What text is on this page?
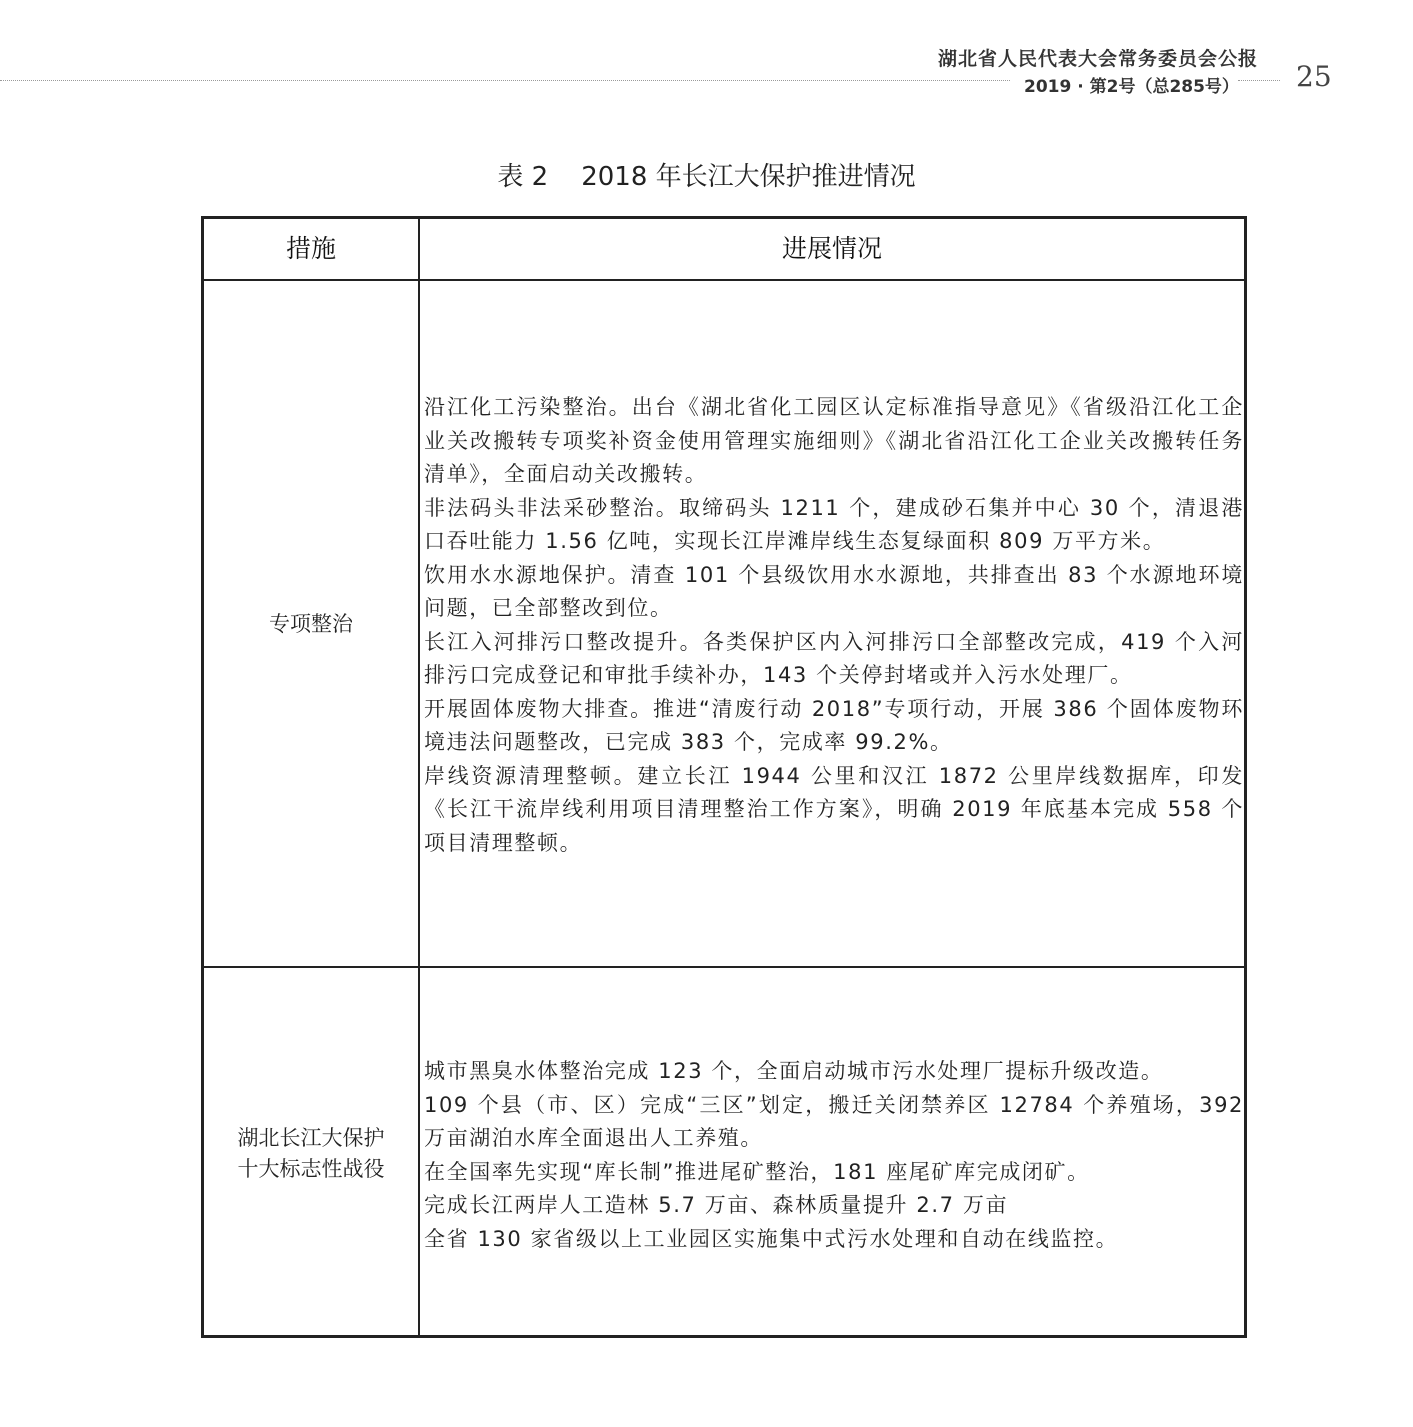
湖北省人民代表大会常务委员会公报
2019 · 第2号（总285号） 25
表 2    2018 年长江大保护推进情况
措施	进展情况
专项整治
沿江化工污染整治。出台《湖北省化工园区认定标准指导意见》《省级沿江化工企业关改搬转专项奖补资金使用管理实施细则》《湖北省沿江化工企业关改搬转任务清单》，全面启动关改搬转。
非法码头非法采砂整治。取缔码头 1211 个，建成砂石集并中心 30 个，清退港口吞吐能力 1.56 亿吨，实现长江岸滩岸线生态复绿面积 809 万平方米。
饮用水水源地保护。清查 101 个县级饮用水水源地，共排查出 83 个水源地环境问题，已全部整改到位。
长江入河排污口整改提升。各类保护区内入河排污口全部整改完成，419 个入河排污口完成登记和审批手续补办，143 个关停封堵或并入污水处理厂。
开展固体废物大排查。推进“清废行动 2018”专项行动，开展 386 个固体废物环境违法问题整改，已完成 383 个，完成率 99.2%。
岸线资源清理整顿。建立长江 1944 公里和汉江 1872 公里岸线数据库，印发《长江干流岸线利用项目清理整治工作方案》，明确 2019 年底基本完成 558 个项目清理整顿。
湖北长江大保护
十大标志性战役
城市黑臭水体整治完成 123 个，全面启动城市污水处理厂提标升级改造。
109 个县（市、区）完成“三区”划定，搬迁关闭禁养区 12784 个养殖场，392 万亩湖泊水库全面退出人工养殖。
在全国率先实现“库长制”推进尾矿整治，181 座尾矿库完成闭矿。
完成长江两岸人工造林 5.7 万亩、森林质量提升 2.7 万亩
全省 130 家省级以上工业园区实施集中式污水处理和自动在线监控。
